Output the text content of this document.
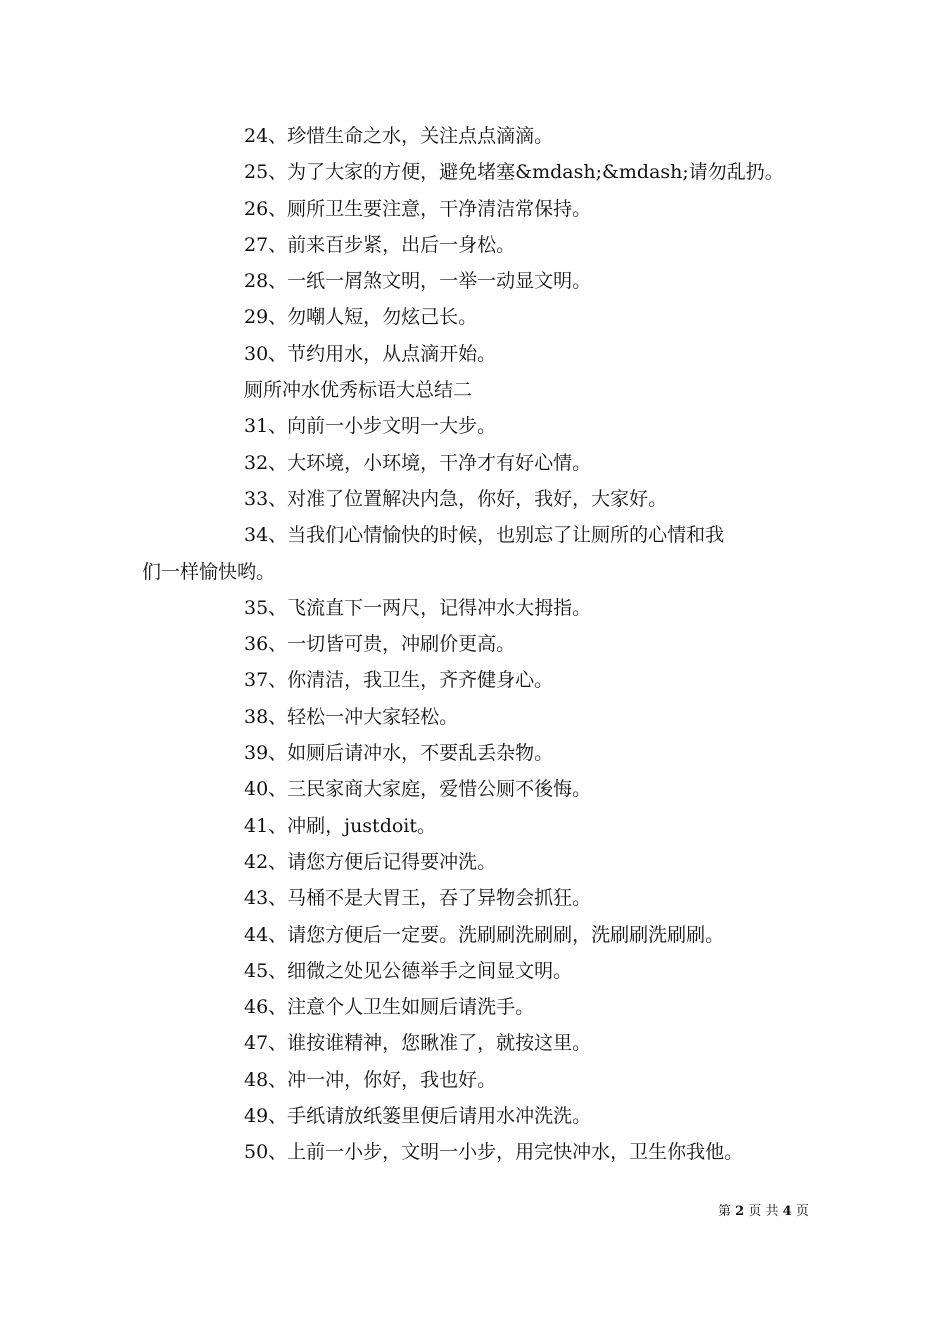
24、珍惜生命之水，关注点点滴滴。
25、为了大家的方便，避免堵塞&mdash;&mdash;请勿乱扔。
26、厕所卫生要注意，干净清洁常保持。
27、前来百步紧，出后一身松。
28、一纸一屑煞文明，一举一动显文明。
29、勿嘲人短，勿炫己长。
30、节约用水，从点滴开始。
厕所冲水优秀标语大总结二
31、向前一小步文明一大步。
32、大环境，小环境，干净才有好心情。
33、对准了位置解决内急，你好，我好，大家好。
34、当我们心情愉快的时候，也别忘了让厕所的心情和我
们一样愉快哟。
35、飞流直下一两尺，记得冲水大拇指。
36、一切皆可贵，冲刷价更高。
37、你清洁，我卫生，齐齐健身心。
38、轻松一冲大家轻松。
39、如厕后请冲水，不要乱丢杂物。
40、三民家商大家庭，爱惜公厕不後悔。
41、冲刷，justdoit。
42、请您方便后记得要冲洗。
43、马桶不是大胃王，吞了异物会抓狂。
44、请您方便后一定要。洗刷刷洗刷刷，洗刷刷洗刷刷。
45、细微之处见公德举手之间显文明。
46、注意个人卫生如厕后请洗手。
47、谁按谁精神，您瞅准了，就按这里。
48、冲一冲，你好，我也好。
49、手纸请放纸篓里便后请用水冲洗洗。
50、上前一小步，文明一小步，用完快冲水，卫生你我他。
第 2 页 共 4 页
